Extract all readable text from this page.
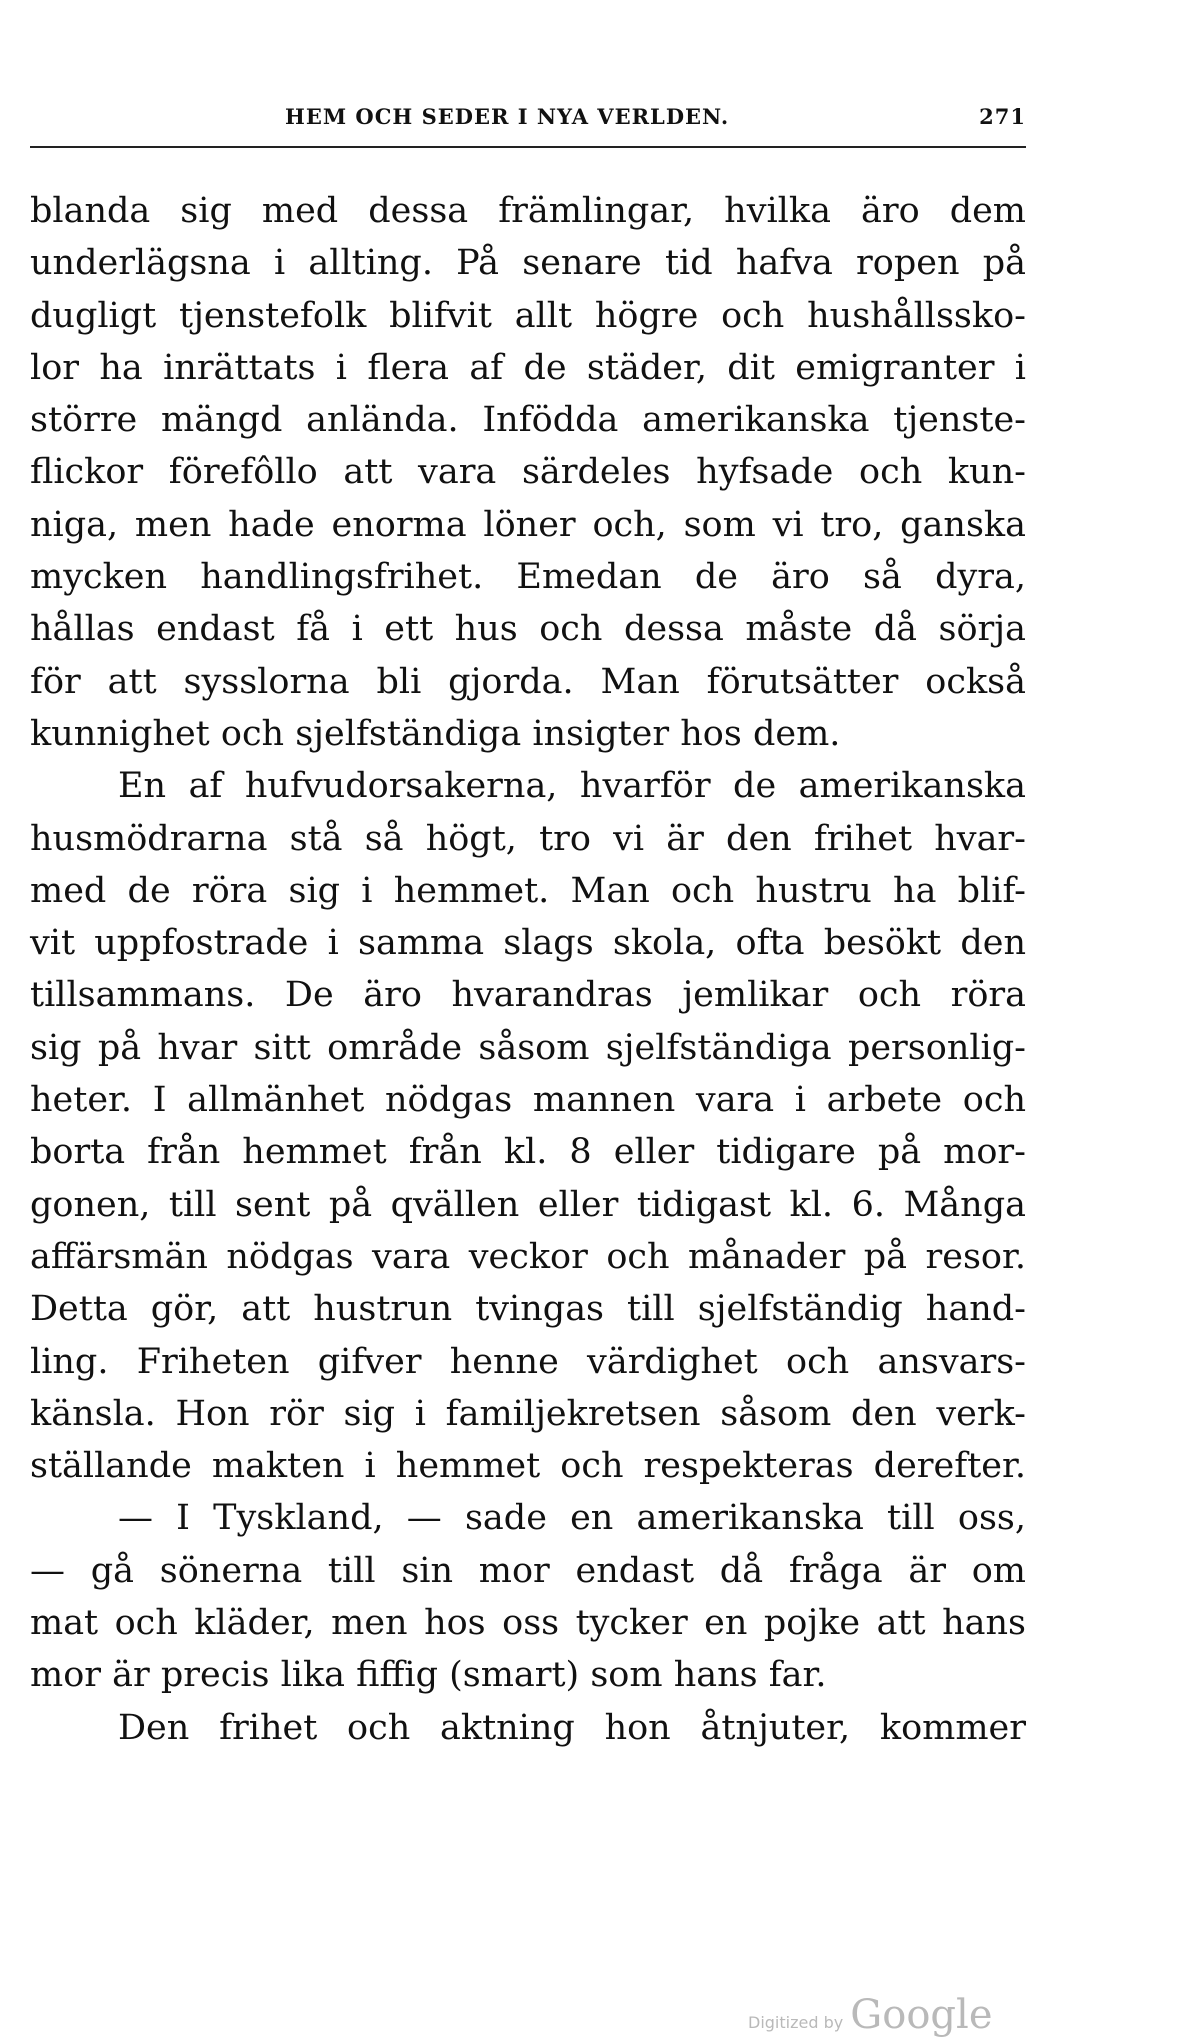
HEM OCH SEDER I NYA VERLDEN.	271
blanda sig med dessa främlingar, hvilka äro dem
underlägsna i allting. På senare tid hafva ropen på
dugligt tjenstefolk blifvit allt högre och hushållssko-
lor ha inrättats i flera af de städer, dit emigranter i
större mängd anlända. Infödda amerikanska tjenste-
flickor förefôllo att vara särdeles hyfsade och kun-
niga, men hade enorma löner och, som vi tro, ganska
mycken handlingsfrihet. Emedan de äro så dyra,
hållas endast få i ett hus och dessa måste då sörja
för att sysslorna bli gjorda. Man förutsätter också
kunnighet och sjelfständiga insigter hos dem.
En af hufvudorsakerna, hvarför de amerikanska
husmödrarna stå så högt, tro vi är den frihet hvar-
med de röra sig i hemmet. Man och hustru ha blif-
vit uppfostrade i samma slags skola, ofta besökt den
tillsammans. De äro hvarandras jemlikar och röra
sig på hvar sitt område såsom sjelfständiga personlig-
heter. I allmänhet nödgas mannen vara i arbete och
borta från hemmet från kl. 8 eller tidigare på mor-
gonen, till sent på qvällen eller tidigast kl. 6. Många
affärsmän nödgas vara veckor och månader på resor.
Detta gör, att hustrun tvingas till sjelfständig hand-
ling. Friheten gifver henne värdighet och ansvars-
känsla. Hon rör sig i familjekretsen såsom den verk-
ställande makten i hemmet och respekteras derefter.
— I Tyskland, — sade en amerikanska till oss,
— gå sönerna till sin mor endast då fråga är om
mat och kläder, men hos oss tycker en pojke att hans
mor är precis lika fiffig (smart) som hans far.
Den frihet och aktning hon åtnjuter, kommer
Digitized by Google
